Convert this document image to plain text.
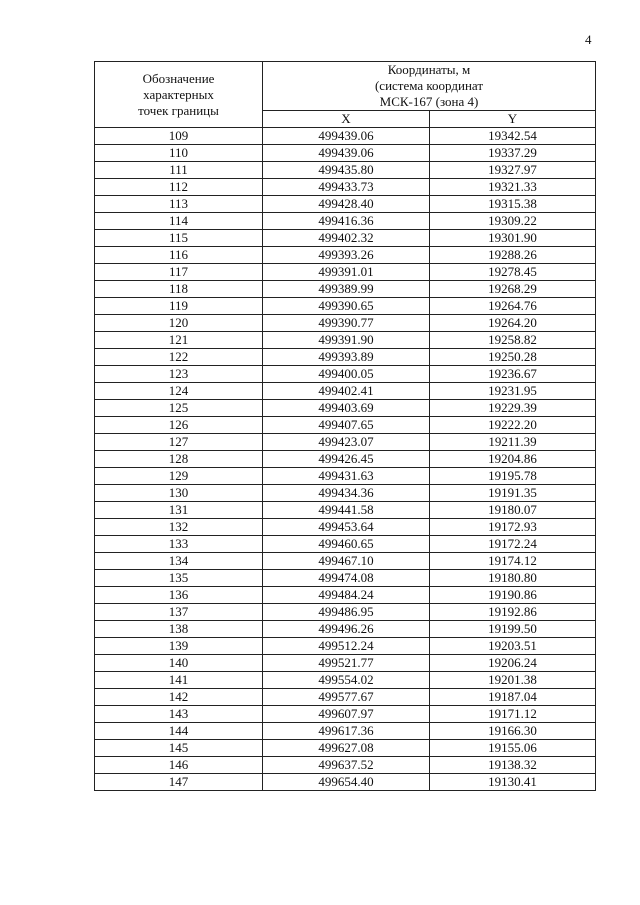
4
Обозначение
характерных
точек границы	Координаты, м
(система координат
МСК-167 (зона 4)	

	X	Y
109	499439.06	19342.54
110	499439.06	19337.29
111	499435.80	19327.97
112	499433.73	19321.33
113	499428.40	19315.38
114	499416.36	19309.22
115	499402.32	19301.90
116	499393.26	19288.26
117	499391.01	19278.45
118	499389.99	19268.29
119	499390.65	19264.76
120	499390.77	19264.20
121	499391.90	19258.82
122	499393.89	19250.28
123	499400.05	19236.67
124	499402.41	19231.95
125	499403.69	19229.39
126	499407.65	19222.20
127	499423.07	19211.39
128	499426.45	19204.86
129	499431.63	19195.78
130	499434.36	19191.35
131	499441.58	19180.07
132	499453.64	19172.93
133	499460.65	19172.24
134	499467.10	19174.12
135	499474.08	19180.80
136	499484.24	19190.86
137	499486.95	19192.86
138	499496.26	19199.50
139	499512.24	19203.51
140	499521.77	19206.24
141	499554.02	19201.38
142	499577.67	19187.04
143	499607.97	19171.12
144	499617.36	19166.30
145	499627.08	19155.06
146	499637.52	19138.32
147	499654.40	19130.41
